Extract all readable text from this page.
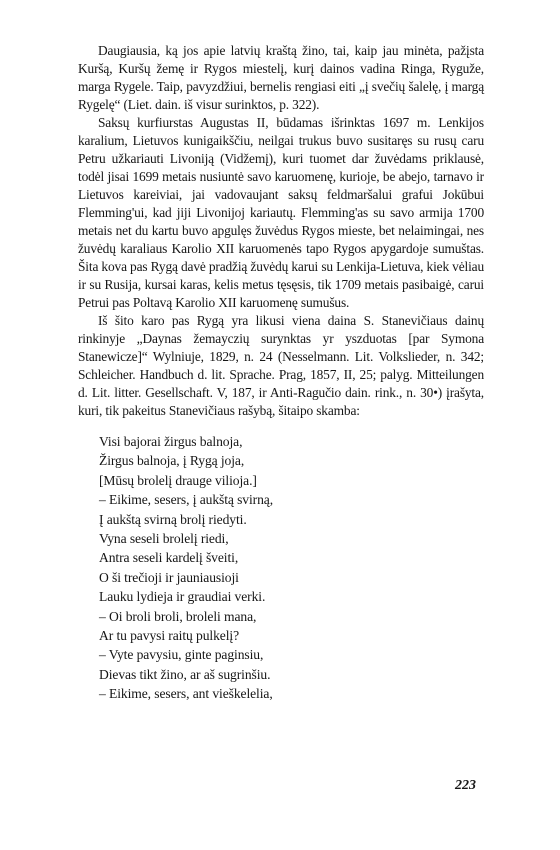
Daugiausia, ką jos apie latvių kraštą žino, tai, kaip jau minėta, pažįsta Kuršą, Kuršų žemę ir Rygos miestelį, kurį dainos vadina Ringa, Ryguže, marga Rygele. Taip, pavyzdžiui, bernelis rengiasi eiti „į svečių šalelę, į margą Rygelę“ (Liet. dain. iš visur surinktos, p. 322).

Saksų kurfiurstas Augustas II, būdamas išrinktas 1697 m. Lenkijos karalium, Lietuvos kunigaikščiu, neilgai trukus buvo susitaręs su rusų caru Petru užkariauti Livoniją (Vidžemį), kuri tuomet dar žuvėdams priklausė, todėl jisai 1699 metais nusiuntė savo karuomenę, kurioje, be abejo, tarnavo ir Lietuvos kareiviai, jai vadovaujant saksų feldmaršalui grafui Jokūbui Flemming'ui, kad jiji Livonijoj kariautų. Flemming'as su savo armija 1700 metais net du kartu buvo apgulęs žuvėdus Rygos mieste, bet nelaimingai, nes žuvėdų karaliaus Karolio XII karuomenės tapo Rygos apygardoje sumuštas. Šita kova pas Rygą davė pradžią žuvėdų karui su Lenkija-Lietuva, kiek vėliau ir su Rusija, kursai karas, kelis metus tęsęsis, tik 1709 metais pasibaigė, carui Petrui pas Poltavą Karolio XII karuomenę sumušus.

Iš šito karo pas Rygą yra likusi viena daina S. Stanevičiaus dainų rinkinyje „Daynas žemayczių surynktas yr yszduotas [par Symona Stanewicze]“ Wylniuje, 1829, n. 24 (Nesselmann. Lit. Volkslieder, n. 342; Schleicher. Handbuch d. lit. Sprache. Prag, 1857, II, 25; palyg. Mitteilungen d. Lit. litter. Gesellschaft. V, 187, ir Anti-Ragučio dain. rink., n. 30•) įrašyta, kuri, tik pakeitus Stanevičiaus rašybą, šitaipo skamba:

Visi bajorai žirgus balnoja,
Žirgus balnoja, į Rygą joja,
[Mūsų brolelį drauge vilioja.]
– Eikime, sesers, į aukštą svirną,
Į aukštą svirną brolį riedyti.
Vyna seseli brolelį riedi,
Antra seseli kardelį šveiti,
O ši trečioji ir jauniausioji
Lauku lydieja ir graudiai verki.
– Oi broli broli, broleli mana,
Ar tu pavysi raitų pulkelį?
– Vyte pavysiu, ginte paginsiu,
Dievas tikt žino, ar aš sugrinšiu.
– Eikime, sesers, ant vieškelelia,
223
